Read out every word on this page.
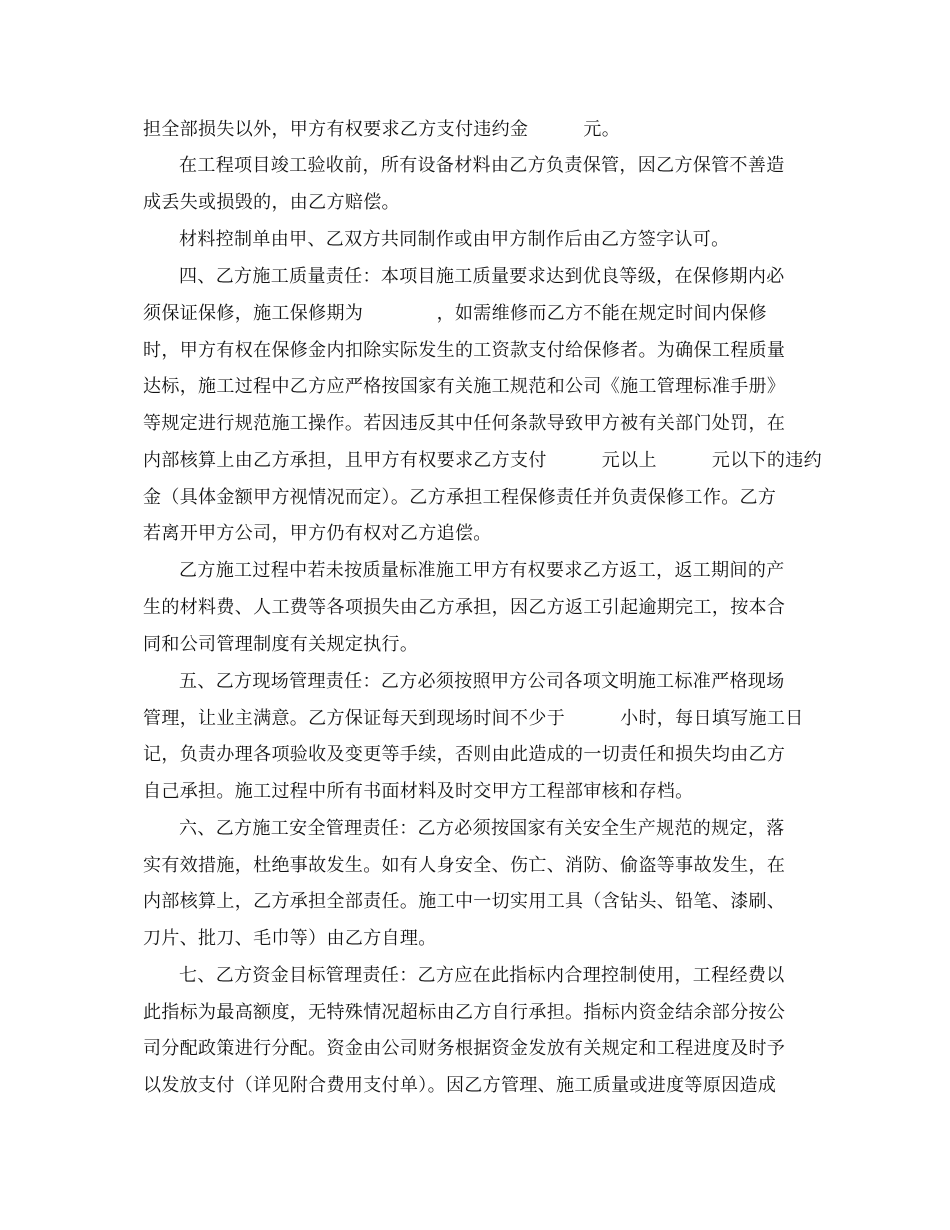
担全部损失以外，甲方有权要求乙方支付违约金　　　元。
在工程项目竣工验收前，所有设备材料由乙方负责保管，因乙方保管不善造
成丢失或损毁的，由乙方赔偿。
材料控制单由甲、乙双方共同制作或由甲方制作后由乙方签字认可。
四、乙方施工质量责任：本项目施工质量要求达到优良等级，在保修期内必
须保证保修，施工保修期为　　　　，如需维修而乙方不能在规定时间内保修
时，甲方有权在保修金内扣除实际发生的工资款支付给保修者。为确保工程质量
达标，施工过程中乙方应严格按国家有关施工规范和公司《施工管理标准手册》
等规定进行规范施工操作。若因违反其中任何条款导致甲方被有关部门处罚，在
内部核算上由乙方承担，且甲方有权要求乙方支付　　　元以上　　　元以下的违约
金（具体金额甲方视情况而定）。乙方承担工程保修责任并负责保修工作。乙方
若离开甲方公司，甲方仍有权对乙方追偿。
乙方施工过程中若未按质量标准施工甲方有权要求乙方返工，返工期间的产
生的材料费、人工费等各项损失由乙方承担，因乙方返工引起逾期完工，按本合
同和公司管理制度有关规定执行。
五、乙方现场管理责任：乙方必须按照甲方公司各项文明施工标准严格现场
管理，让业主满意。乙方保证每天到现场时间不少于　　　小时，每日填写施工日
记，负责办理各项验收及变更等手续，否则由此造成的一切责任和损失均由乙方
自己承担。施工过程中所有书面材料及时交甲方工程部审核和存档。
六、乙方施工安全管理责任：乙方必须按国家有关安全生产规范的规定，落
实有效措施，杜绝事故发生。如有人身安全、伤亡、消防、偷盗等事故发生，在
内部核算上，乙方承担全部责任。施工中一切实用工具（含钻头、铅笔、漆刷、
刀片、批刀、毛巾等）由乙方自理。
七、乙方资金目标管理责任：乙方应在此指标内合理控制使用，工程经费以
此指标为最高额度，无特殊情况超标由乙方自行承担。指标内资金结余部分按公
司分配政策进行分配。资金由公司财务根据资金发放有关规定和工程进度及时予
以发放支付（详见附合费用支付单）。因乙方管理、施工质量或进度等原因造成
